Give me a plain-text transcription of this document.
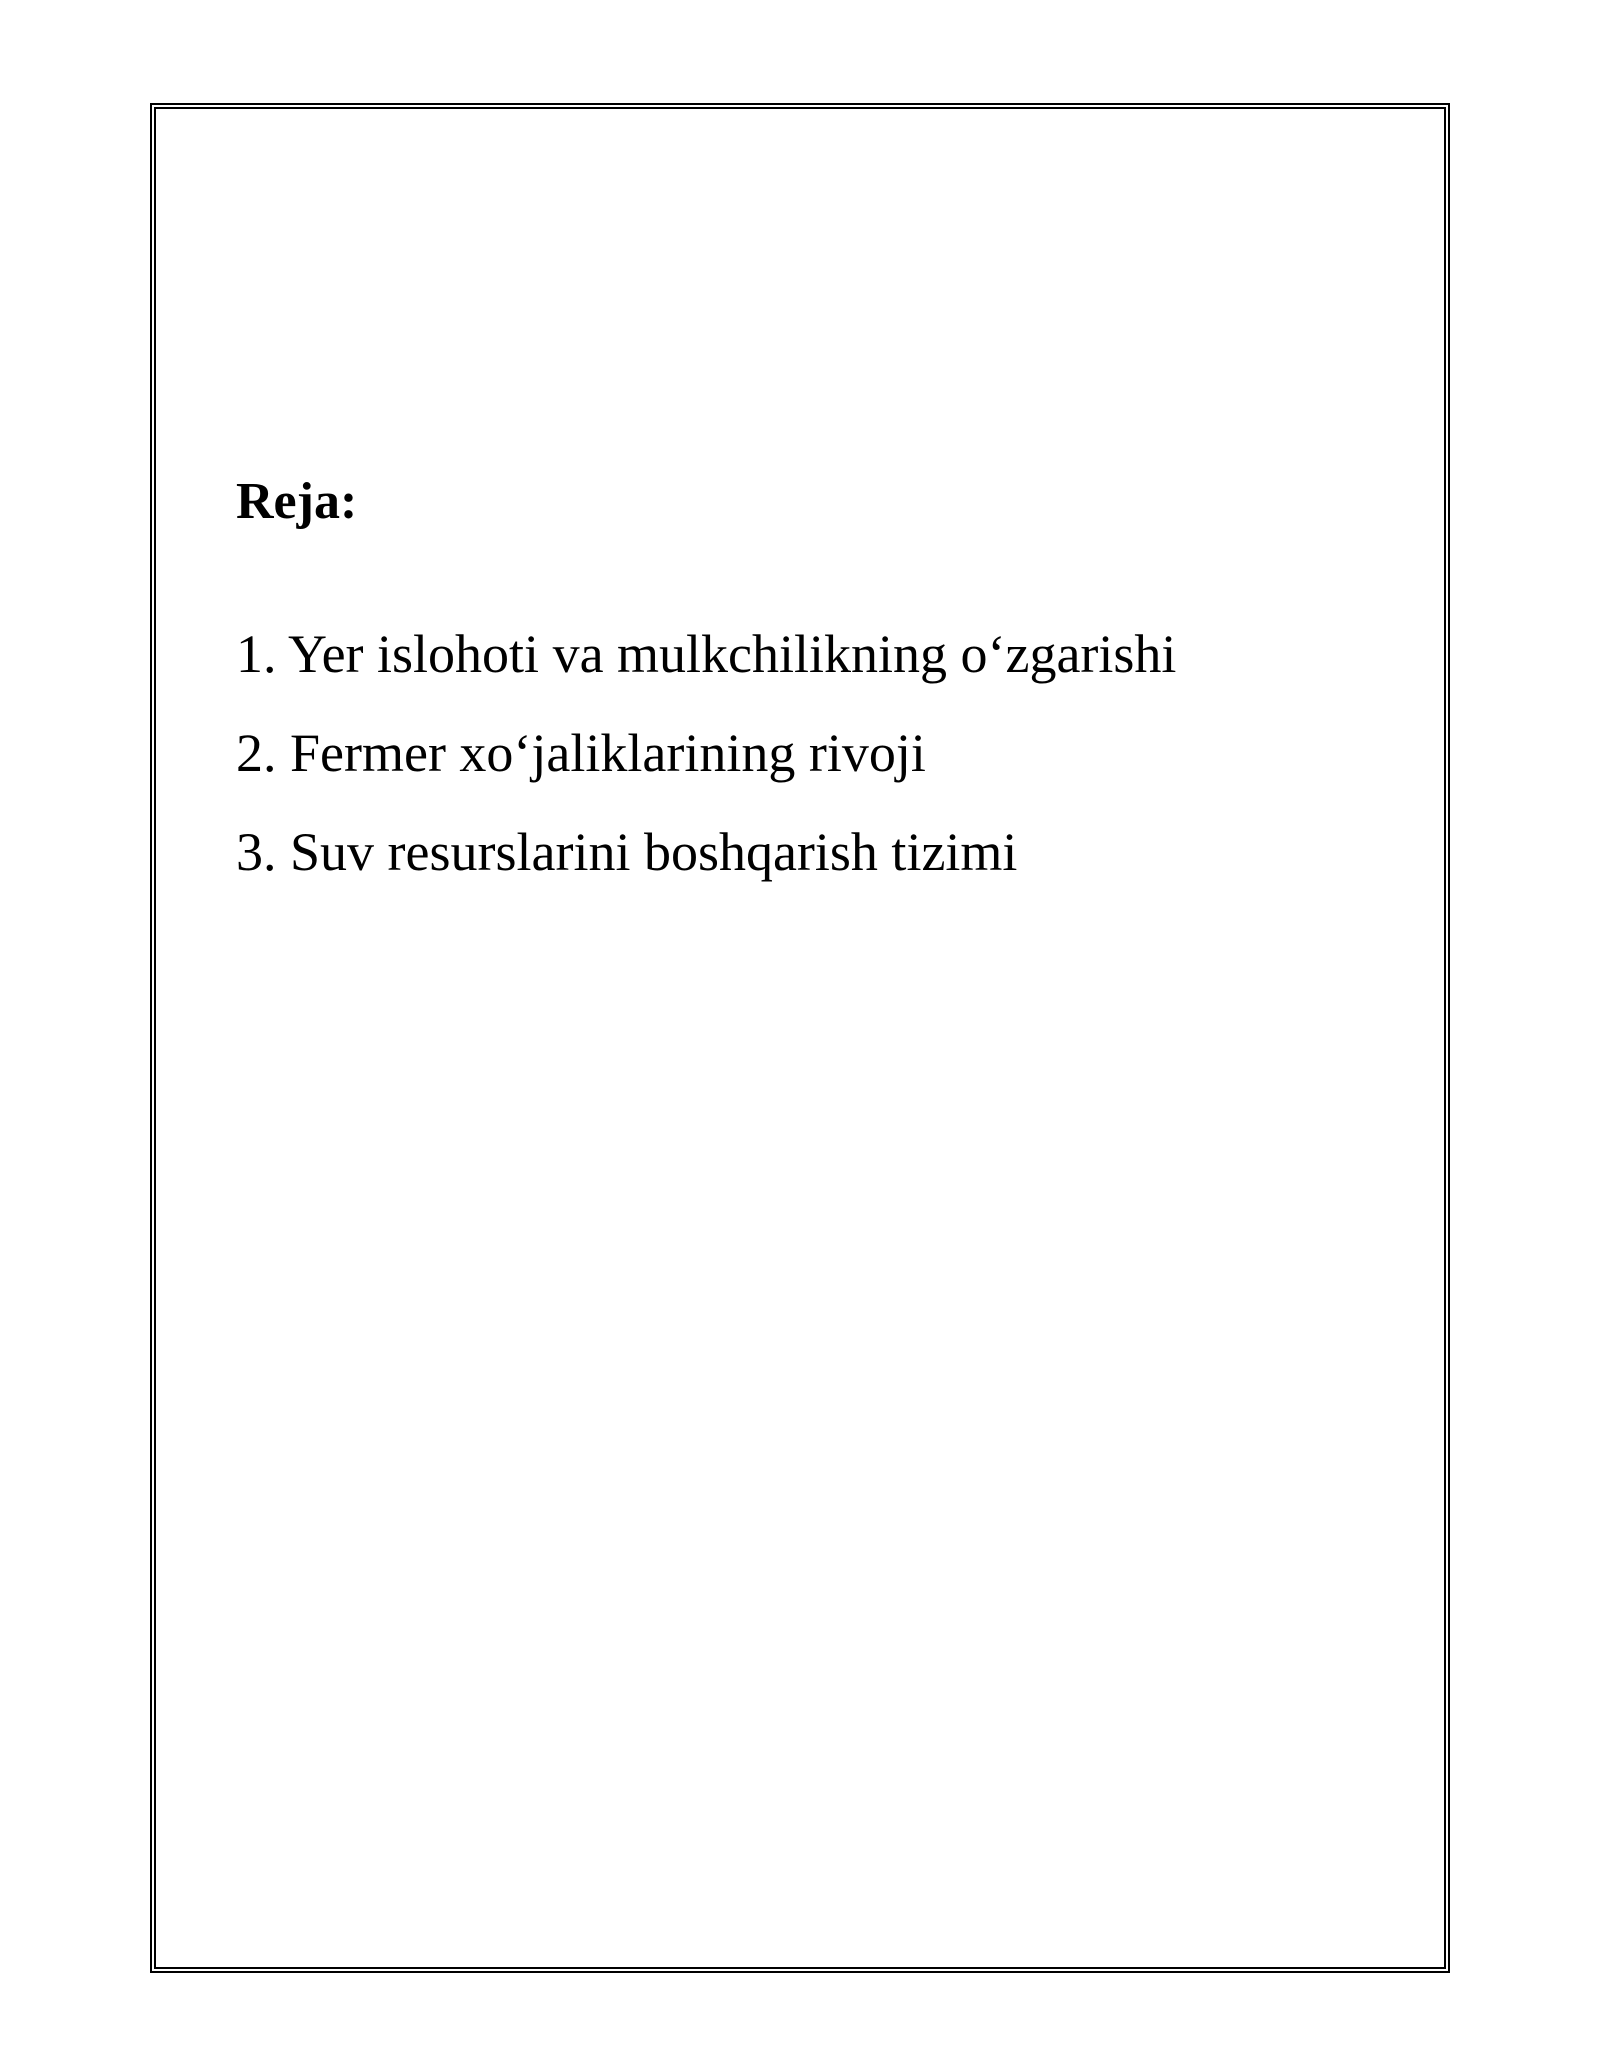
Reja:
1. Yer islohoti va mulkchilikning o‘zgarishi
2. Fermer xo‘jaliklarining rivoji
3. Suv resurslarini boshqarish tizimi
